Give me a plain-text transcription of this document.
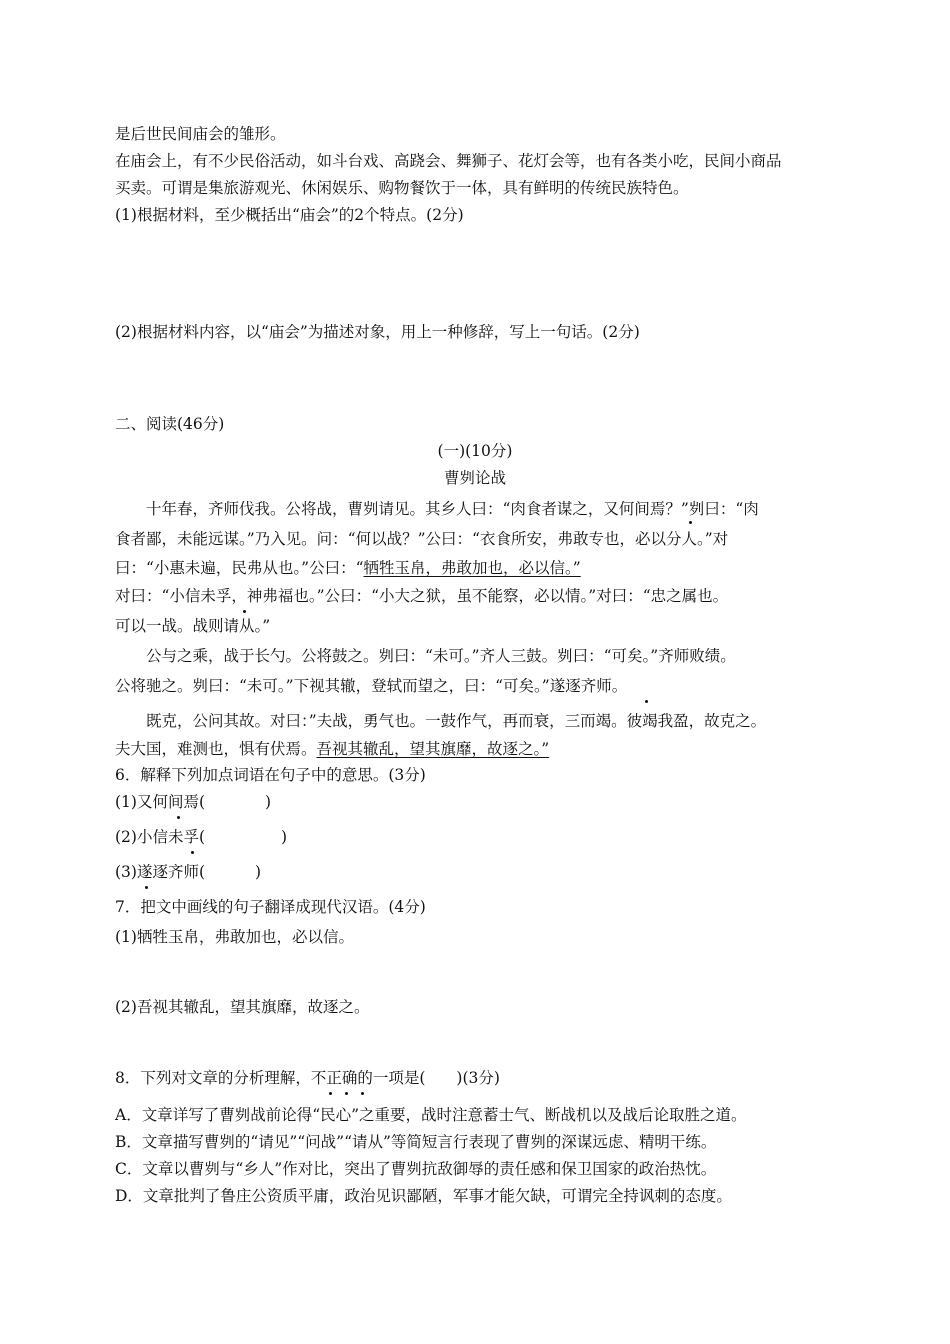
是后世民间庙会的雏形。
在庙会上，有不少民俗活动，如斗台戏、高跷会、舞狮子、花灯会等，也有各类小吃，民间小商品
买卖。可谓是集旅游观光、休闲娱乐、购物餐饮于一体，具有鲜明的传统民族特色。
(1)根据材料，至少概括出“庙会”的2个特点。(2分)
(2)根据材料内容，以“庙会”为描述对象，用上一种修辞，写上一句话。(2分)
二、阅读(46分)
(一)(10分)
曹刿论战
十年春，齐师伐我。公将战，曹刿请见。其乡人曰：“肉食者谋之，又何间焉？”刿曰：“肉
食者鄙，未能远谋。”乃入见。问：“何以战？”公曰：“衣食所安，弗敢专也，必以分人。”对
曰：“小惠未遍，民弗从也。”公曰：“牺牲玉帛，弗敢加也，必以信。”
对曰：“小信未孚，神弗福也。”公曰：“小大之狱，虽不能察，必以情。”对曰：“忠之属也。
可以一战。战则请从。”
公与之乘，战于长勺。公将鼓之。刿曰：“未可。”齐人三鼓。刿曰：“可矣。”齐师败绩。
公将驰之。刿曰：“未可。”下视其辙，登轼而望之，曰：“可矣。”遂逐齐师。
既克，公问其故。对曰：”夫战，勇气也。一鼓作气，再而衰，三而竭。彼竭我盈，故克之。
夫大国，难测也，惧有伏焉。吾视其辙乱，望其旗靡，故逐之。”
6．解释下列加点词语在句子中的意思。(3分)
(1)又何间焉(	)
(2)小信未孚(	)
(3)遂逐齐师(	)
7．把文中画线的句子翻译成现代汉语。(4分)
(1)牺牲玉帛，弗敢加也，必以信。
(2)吾视其辙乱，望其旗靡，故逐之。
8．下列对文章的分析理解，不正确的一项是(　　)(3分)
A．文章详写了曹刿战前论得“民心”之重要，战时注意蓄士气、断战机以及战后论取胜之道。
B．文章描写曹刿的“请见”“问战”“请从”等简短言行表现了曹刿的深谋远虑、精明干练。
C．文章以曹刿与“乡人”作对比，突出了曹刿抗敌御辱的责任感和保卫国家的政治热忱。
D．文章批判了鲁庄公资质平庸，政治见识鄙陋，军事才能欠缺，可谓完全持讽刺的态度。
